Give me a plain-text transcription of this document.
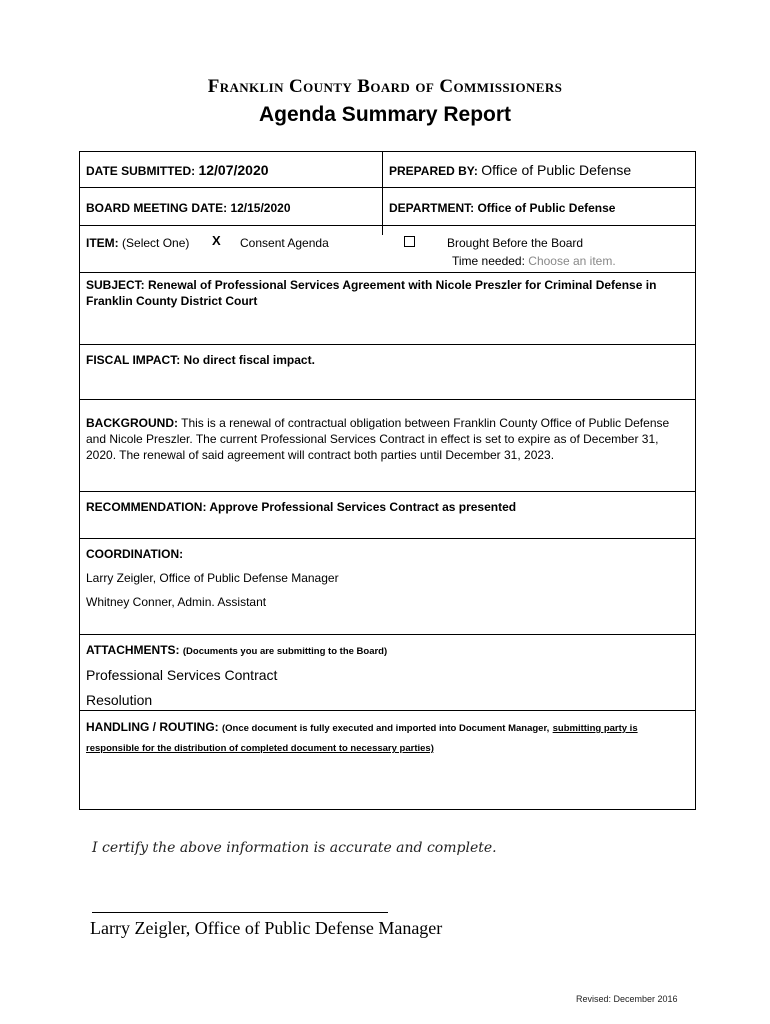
Franklin County Board of Commissioners
Agenda Summary Report
DATE SUBMITTED: 12/07/2020	PREPARED BY: Office of Public Defense
BOARD MEETING DATE: 12/15/2020	DEPARTMENT: Office of Public Defense
ITEM: (Select One) X Consent Agenda	Brought Before the Board
Time needed: Choose an item.
SUBJECT: Renewal of Professional Services Agreement with Nicole Preszler for Criminal Defense in Franklin County District Court
FISCAL IMPACT: No direct fiscal impact.
BACKGROUND: This is a renewal of contractual obligation between Franklin County Office of Public Defense and Nicole Preszler. The current Professional Services Contract in effect is set to expire as of December 31, 2020. The renewal of said agreement will contract both parties until December 31, 2023.
RECOMMENDATION: Approve Professional Services Contract as presented
COORDINATION:
Larry Zeigler, Office of Public Defense Manager
Whitney Conner, Admin. Assistant
ATTACHMENTS: (Documents you are submitting to the Board)
Professional Services Contract
Resolution
HANDLING / ROUTING: (Once document is fully executed and imported into Document Manager, submitting party is responsible for the distribution of completed document to necessary parties)
I certify the above information is accurate and complete.
Larry Zeigler, Office of Public Defense Manager
Revised: December 2016
